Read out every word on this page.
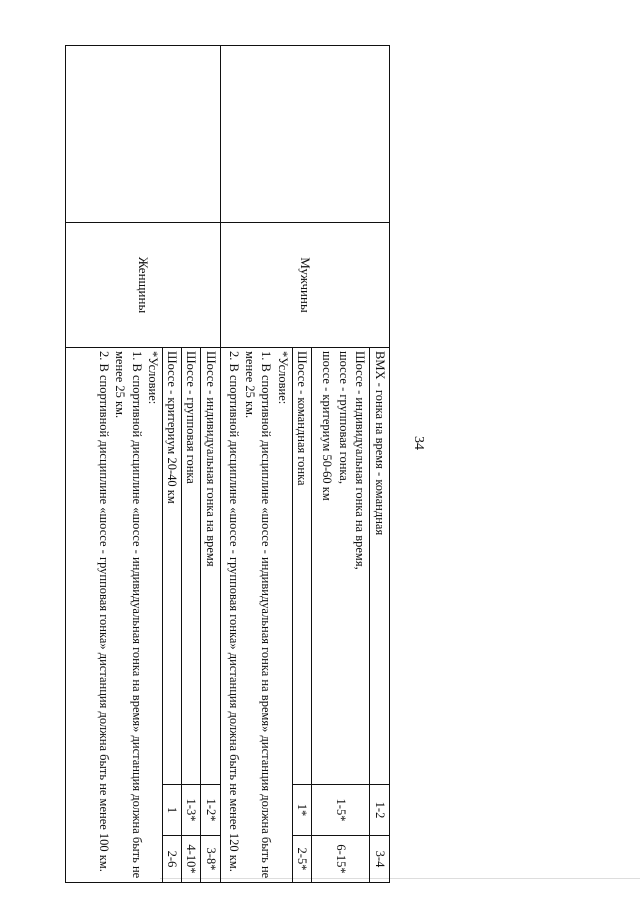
34
	Мужчины	ВМХ - гонка на время - командная	1-2	3-4

		Шоссе - индивидуальная гонка на время,
шоссе - групповая гонка,
шоссе - критериум 50-60 км	1-5*	6-15*
		Шоссе - командная гонка	1*	2-5*

		*Условие:
1. В спортивной дисциплине «шоссе - индивидуальная гонка на время» дистанция должна быть не менее 25 км.
2. В спортивной дисциплине «шоссе - групповая гонка» дистанция должна быть не менее 120 км.		

	Женщины	Шоссе - индивидуальная гонка на время	1-2*	3-8*
		Шоссе - групповая гонка	1-3*	4-10*
		Шоссе - критериум 20-40 км	1	2-6

		*Условие:
1. В спортивной дисциплине «шоссе - индивидуальная гонка на время» дистанция должна быть не менее 25 км.
2. В спортивной дисциплине «шоссе - групповая гонка» дистанция должна быть не менее 100 км.		
